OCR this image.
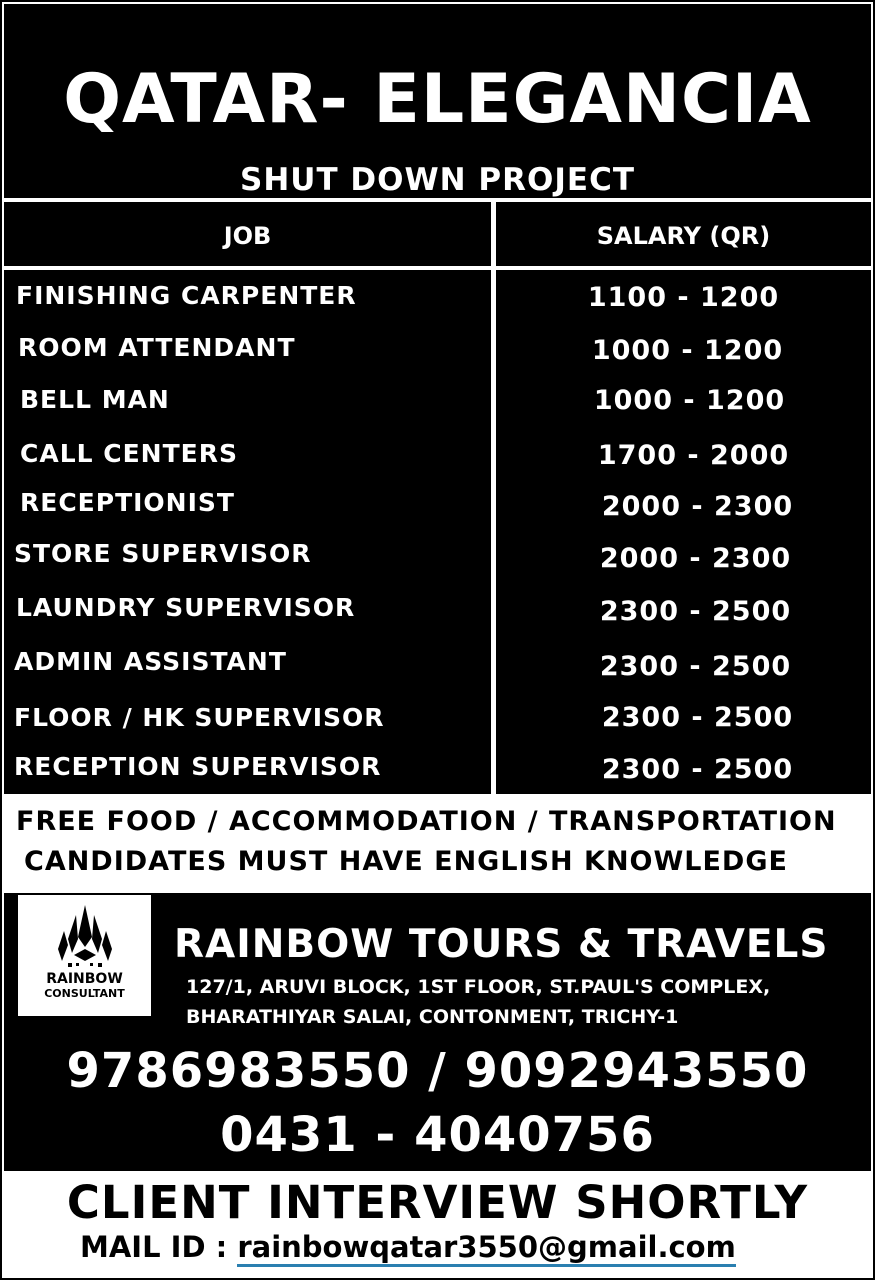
QATAR- ELEGANCIA
SHUT DOWN PROJECT
JOB	SALARY (QR)
FINISHING CARPENTER	1100 - 1200
ROOM ATTENDANT	1000 - 1200
BELL MAN	1000 - 1200
CALL CENTERS	1700 - 2000
RECEPTIONIST	2000 - 2300
STORE SUPERVISOR	2000 - 2300
LAUNDRY SUPERVISOR	2300 - 2500
ADMIN ASSISTANT	2300 - 2500
FLOOR / HK SUPERVISOR	2300 - 2500
RECEPTION SUPERVISOR	2300 - 2500
FREE FOOD / ACCOMMODATION / TRANSPORTATION
CANDIDATES MUST HAVE ENGLISH KNOWLEDGE
RAINBOW
CONSULTANT
RAINBOW TOURS & TRAVELS
127/1, ARUVI BLOCK, 1ST FLOOR, ST.PAUL'S COMPLEX,
BHARATHIYAR SALAI, CONTONMENT, TRICHY-1
9786983550 / 9092943550
0431 - 4040756
CLIENT INTERVIEW SHORTLY
MAIL ID : rainbowqatar3550@gmail.com
